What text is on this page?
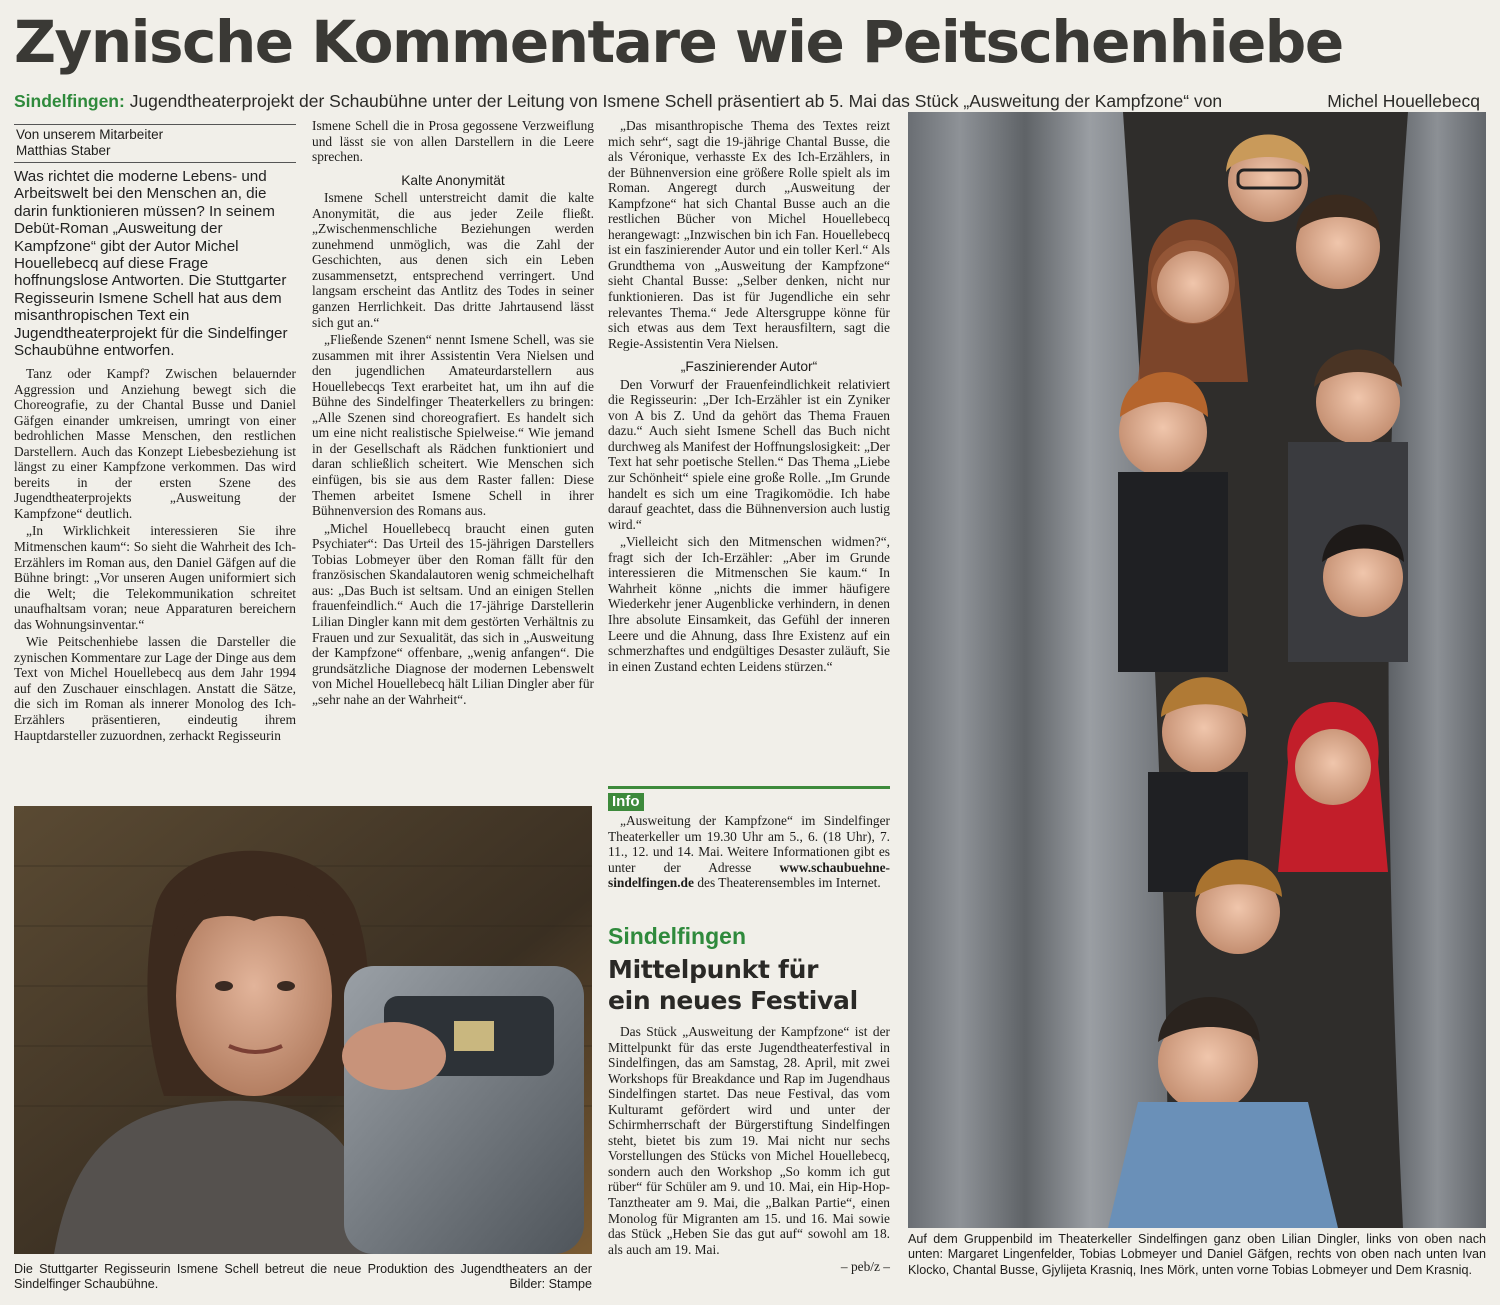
Zynische Kommentare wie Peitschenhiebe
Sindelfingen: Jugendtheaterprojekt der Schaubühne unter der Leitung von Ismene Schell präsentiert ab 5. Mai das Stück „Ausweitung der Kampfzone“ von	Michel Houellebecq
Von unserem Mitarbeiter
Matthias Staber
Was richtet die moderne Lebens- und Arbeitswelt bei den Menschen an, die darin funktionieren müssen? In seinem Debüt-Roman „Ausweitung der Kampfzone“ gibt der Autor Michel Houellebecq auf diese Frage hoffnungslose Antworten. Die Stuttgarter Regisseurin Ismene Schell hat aus dem misanthropischen Text ein Jugendtheaterprojekt für die Sindelfinger Schaubühne entworfen.

Tanz oder Kampf? Zwischen belauernder Aggression und Anziehung bewegt sich die Choreografie, zu der Chantal Busse und Daniel Gäfgen einander umkreisen, umringt von einer bedrohlichen Masse Menschen, den restlichen Darstellern. Auch das Konzept Liebesbeziehung ist längst zu einer Kampfzone verkommen. Das wird bereits in der ersten Szene des Jugendtheaterprojekts „Ausweitung der Kampfzone“ deutlich.

„In Wirklichkeit interessieren Sie ihre Mitmenschen kaum“: So sieht die Wahrheit des Ich-Erzählers im Roman aus, den Daniel Gäfgen auf die Bühne bringt: „Vor unseren Augen uniformiert sich die Welt; die Telekommunikation schreitet unaufhaltsam voran; neue Apparaturen bereichern das Wohnungsinventar.“

Wie Peitschenhiebe lassen die Darsteller die zynischen Kommentare zur Lage der Dinge aus dem Text von Michel Houellebecq aus dem Jahr 1994 auf den Zuschauer einschlagen. Anstatt die Sätze, die sich im Roman als innerer Monolog des Ich-Erzählers präsentieren, eindeutig ihrem Hauptdarsteller zuzuordnen, zerhackt Regisseurin

Ismene Schell die in Prosa gegossene Verzweiflung und lässt sie von allen Darstellern in die Leere sprechen.

Kalte Anonymität

Ismene Schell unterstreicht damit die kalte Anonymität, die aus jeder Zeile fließt. „Zwischenmenschliche Beziehungen werden zunehmend unmöglich, was die Zahl der Geschichten, aus denen sich ein Leben zusammensetzt, entsprechend verringert. Und langsam erscheint das Antlitz des Todes in seiner ganzen Herrlichkeit. Das dritte Jahrtausend lässt sich gut an.“

„Fließende Szenen“ nennt Ismene Schell, was sie zusammen mit ihrer Assistentin Vera Nielsen und den jugendlichen Amateurdarstellern aus Houellebecqs Text erarbeitet hat, um ihn auf die Bühne des Sindelfinger Theaterkellers zu bringen: „Alle Szenen sind choreografiert. Es handelt sich um eine nicht realistische Spielweise.“ Wie jemand in der Gesellschaft als Rädchen funktioniert und daran schließlich scheitert. Wie Menschen sich einfügen, bis sie aus dem Raster fallen: Diese Themen arbeitet Ismene Schell in ihrer Bühnenversion des Romans aus.

„Michel Houellebecq braucht einen guten Psychiater“: Das Urteil des 15-jährigen Darstellers Tobias Lobmeyer über den Roman fällt für den französischen Skandalautoren wenig schmeichelhaft aus: „Das Buch ist seltsam. Und an einigen Stellen frauenfeindlich.“ Auch die 17-jährige Darstellerin Lilian Dingler kann mit dem gestörten Verhältnis zu Frauen und zur Sexualität, das sich in „Ausweitung der Kampfzone“ offenbare, „wenig anfangen“. Die grundsätzliche Diagnose der modernen Lebenswelt von Michel Houellebecq hält Lilian Dingler aber für „sehr nahe an der Wahrheit“.

„Das misanthropische Thema des Textes reizt mich sehr“, sagt die 19-jährige Chantal Busse, die als Véronique, verhasste Ex des Ich-Erzählers, in der Bühnenversion eine größere Rolle spielt als im Roman. Angeregt durch „Ausweitung der Kampfzone“ hat sich Chantal Busse auch an die restlichen Bücher von Michel Houellebecq herangewagt: „Inzwischen bin ich Fan. Houellebecq ist ein faszinierender Autor und ein toller Kerl.“ Als Grundthema von „Ausweitung der Kampfzone“ sieht Chantal Busse: „Selber denken, nicht nur funktionieren. Das ist für Jugendliche ein sehr relevantes Thema.“ Jede Altersgruppe könne für sich etwas aus dem Text herausfiltern, sagt die Regie-Assistentin Vera Nielsen.

„Faszinierender Autor“

Den Vorwurf der Frauenfeindlichkeit relativiert die Regisseurin: „Der Ich-Erzähler ist ein Zyniker von A bis Z. Und da gehört das Thema Frauen dazu.“ Auch sieht Ismene Schell das Buch nicht durchweg als Manifest der Hoffnungslosigkeit: „Der Text hat sehr poetische Stellen.“ Das Thema „Liebe zur Schönheit“ spiele eine große Rolle. „Im Grunde handelt es sich um eine Tragikomödie. Ich habe darauf geachtet, dass die Bühnenversion auch lustig wird.“

„Vielleicht sich den Mitmenschen widmen?“, fragt sich der Ich-Erzähler: „Aber im Grunde interessieren die Mitmenschen Sie kaum.“ In Wahrheit könne „nichts die immer häufigere Wiederkehr jener Augenblicke verhindern, in denen Ihre absolute Einsamkeit, das Gefühl der inneren Leere und die Ahnung, dass Ihre Existenz auf ein schmerzhaftes und endgültiges Desaster zuläuft, Sie in einen Zustand echten Leidens stürzen.“

Info

„Ausweitung der Kampfzone“ im Sindelfinger Theaterkeller um 19.30 Uhr am 5., 6. (18 Uhr), 7. 11., 12. und 14. Mai. Weitere Informationen gibt es unter der Adresse www.schaubuehne-sindelfingen.de des Theaterensembles im Internet.

Sindelfingen
Mittelpunkt für
ein neues Festival

Das Stück „Ausweitung der Kampfzone“ ist der Mittelpunkt für das erste Jugendtheaterfestival in Sindelfingen, das am Samstag, 28. April, mit zwei Workshops für Breakdance und Rap im Jugendhaus Sindelfingen startet. Das neue Festival, das vom Kulturamt gefördert wird und unter der Schirmherrschaft der Bürgerstiftung Sindelfingen steht, bietet bis zum 19. Mai nicht nur sechs Vorstellungen des Stücks von Michel Houellebecq, sondern auch den Workshop „So komm ich gut rüber“ für Schüler am 9. und 10. Mai, ein Hip-Hop-Tanztheater am 9. Mai, die „Balkan Partie“, einen Monolog für Migranten am 15. und 16. Mai sowie das Stück „Heben Sie das gut auf“ sowohl am 18. als auch am 19. Mai.

– peb/z –

Die Stuttgarter Regisseurin Ismene Schell betreut die neue Produktion des Jugendtheaters an der Sindelfinger Schaubühne.	Bilder: Stampe
Auf dem Gruppenbild im Theaterkeller Sindelfingen ganz oben Lilian Dingler, links von oben nach unten: Margaret Lingenfelder, Tobias Lobmeyer und Daniel Gäfgen, rechts von oben nach unten Ivan Klocko, Chantal Busse, Gjylijeta Krasniq, Ines Mörk, unten vorne Tobias Lobmeyer und Dem Krasniq.
